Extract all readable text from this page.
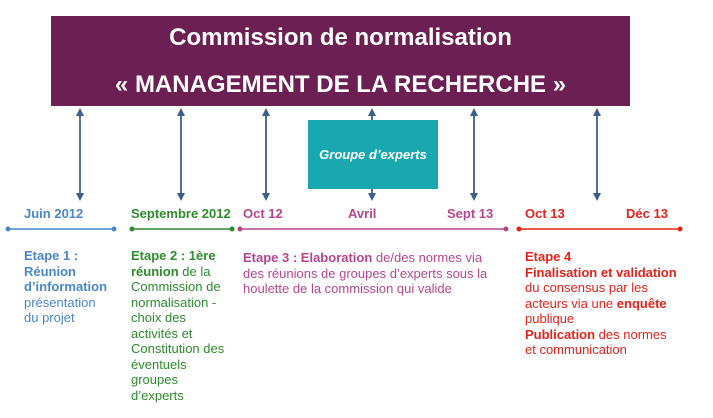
Commission de normalisation
« MANAGEMENT DE LA RECHERCHE »
Groupe d’experts
Juin 2012	Septembre 2012 Oct 12	Avril	Sept 13 Oct 13	Déc 13
Etape 1 :
Réunion
d’information
présentation
du projet
Etape 2 : 1ère
réunion de la
Commission de
normalisation -
choix des
activités et
Constitution des
éventuels
groupes
d’experts
Etape 3 : Elaboration de/des normes via
des réunions de groupes d’experts sous la
houlette de la commission qui valide
Etape 4
Finalisation et validation
du consensus par les
acteurs via une enquête
publique
Publication des normes
et communication
